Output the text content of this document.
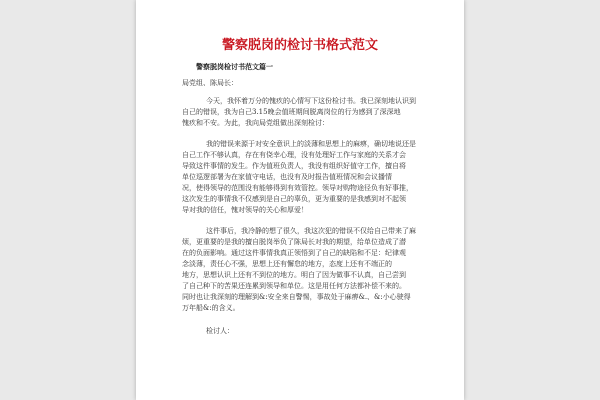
警察脱岗的检讨书格式范文
警察脱岗检讨书范文篇一
局党组、陈局长：
今天，我怀着万分的愧疚的心情写下这份检讨书。我已深刻地认识到
自己的错误，我为自己3.15晚会值班期间脱离岗位的行为感到了深深地
愧疚和不安。为此，我向局党组做出深刻检讨：
我的错误来源于对安全意识上的淡薄和思想上的麻痹，确切地说还是
自己工作不够认真，存在有侥幸心理，没有处理好工作与家庭的关系才会
导致这件事情的发生。作为值班负责人，我没有组织好值守工作，擅自将
单位巡逻部署为在家值守电话，也没有及时报告值班情况和会议播情
况，使得领导的范围没有能够得到有效管控。领导对购物途径负有好事推，
这次发生的事情我不仅感到是自己的辜负，更为重要的是我感到对不起领
导对我的信任，愧对领导的关心和厚爱！
这件事后，我冷静的想了很久，我这次犯的错误不仅给自己带来了麻
烦，更重要的是我的擅自脱岗举负了陈局长对我的期望，给单位造成了潜
在的负面影响。通过这件事情我真正领悟到了自己的缺陷和不足：纪律观
念淡薄，责任心不强，思想上还有懈怠的地方，态度上还有不端正的
地方，思想认识上还有不到位的地方。明白了因为做事不认真，自己尝到
了自己种下的苦果还连累到领导和单位。这是用任何方法都补偿不来的。
同时也让我深刻的理解到&:安全来自警惕，事故处于麻痹&.、&:小心驶得
万年船&:的含义。
检讨人：
